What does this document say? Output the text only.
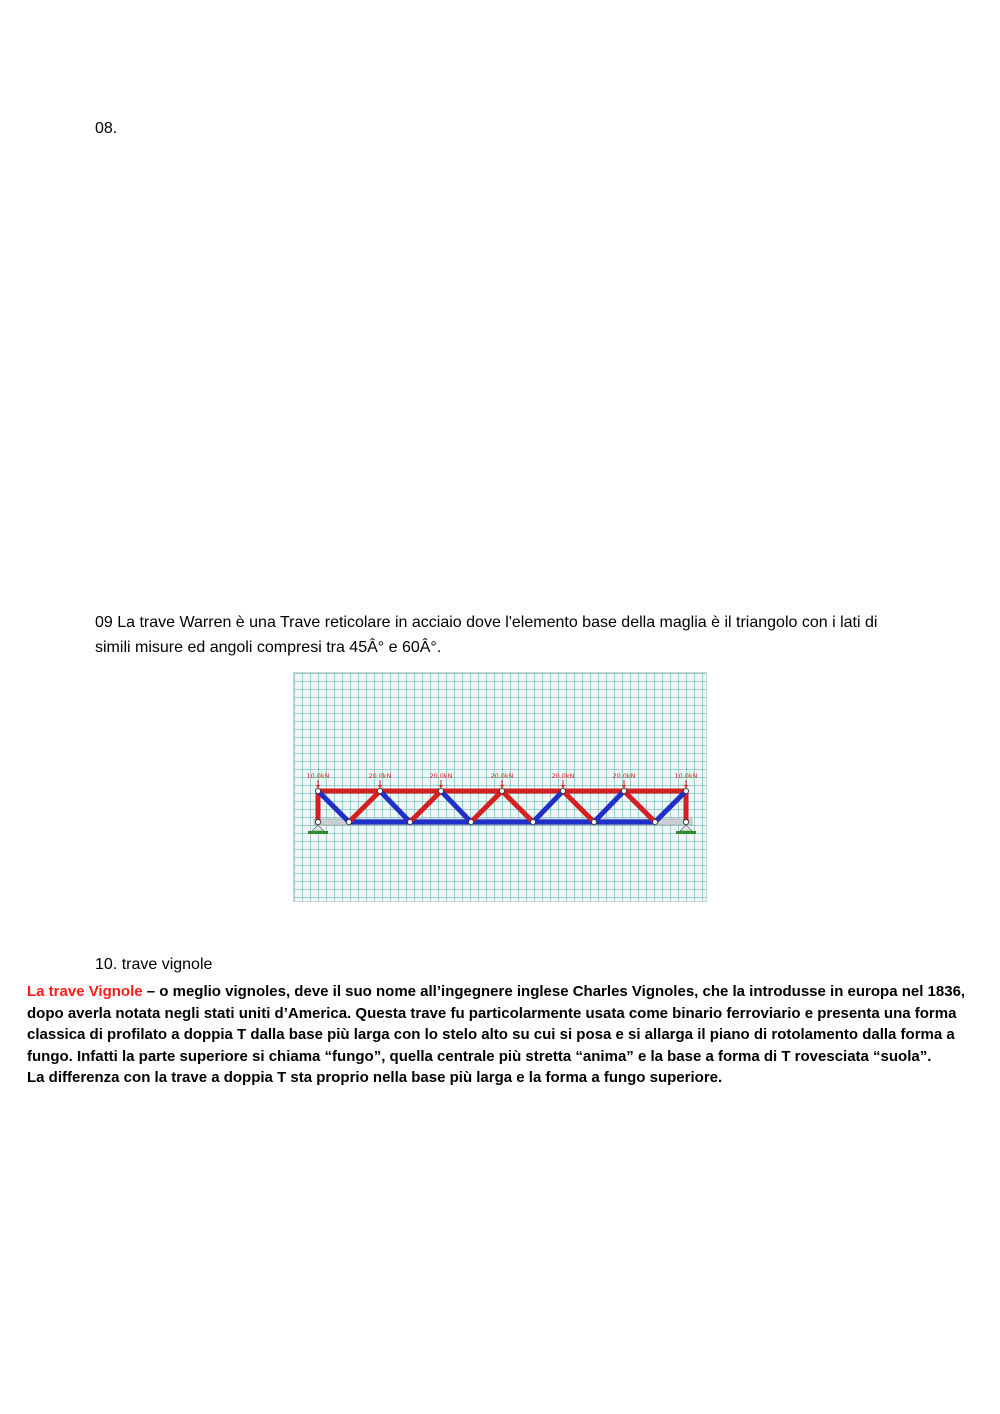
08.
09 La trave Warren è una Trave reticolare in acciaio dove l'elemento base della maglia è il triangolo con i lati di simili misure ed angoli compresi tra 45Â° e 60Â°.
10.0kN	20.0kN	20.0kN	20.0kN	20.0kN	20.0kN	10.0kN
10. trave vignole
La trave Vignole – o meglio vignoles, deve il suo nome all’ingegnere inglese Charles Vignoles, che la introdusse in europa nel 1836, dopo averla notata negli stati uniti d’America. Questa trave fu particolarmente usata come binario ferroviario e presenta una forma classica di profilato a doppia T dalla base più larga con lo stelo alto su cui si posa e si allarga il piano di rotolamento dalla forma a fungo. Infatti la parte superiore si chiama “fungo”, quella centrale più stretta “anima” e la base a forma di T rovesciata “suola”.
La differenza con la trave a doppia T sta proprio nella base più larga e la forma a fungo superiore.
